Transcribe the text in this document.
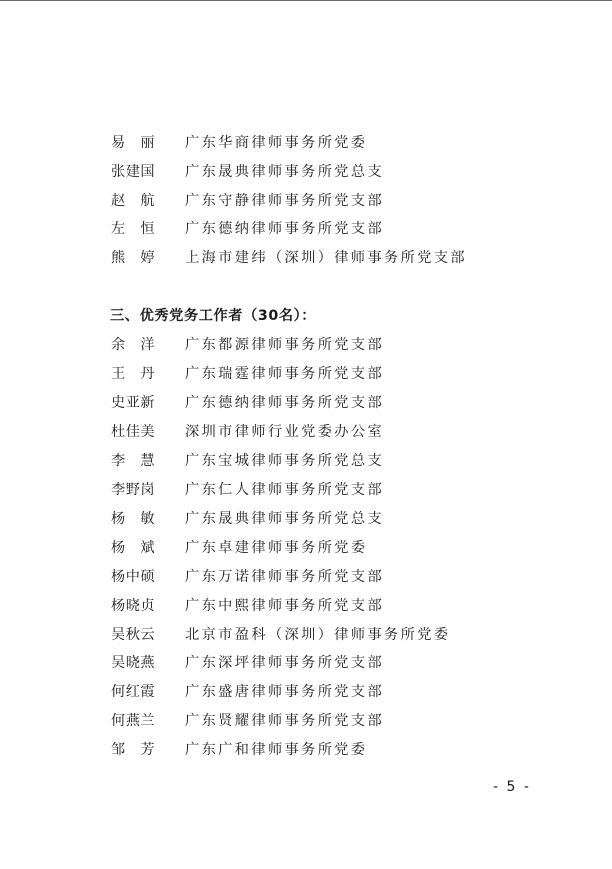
易　丽 广东华商律师事务所党委
张建国 广东晟典律师事务所党总支
赵　航 广东守静律师事务所党支部
左　恒 广东德纳律师事务所党支部
熊　婷 上海市建纬（深圳）律师事务所党支部
三、优秀党务工作者（30名）：
余　洋 广东都源律师事务所党支部
王　丹 广东瑞霆律师事务所党支部
史亚新 广东德纳律师事务所党支部
杜佳美 深圳市律师行业党委办公室
李　慧 广东宝城律师事务所党总支
李野岗 广东仁人律师事务所党支部
杨　敏 广东晟典律师事务所党总支
杨　斌 广东卓建律师事务所党委
杨中硕 广东万诺律师事务所党支部
杨晓贞 广东中熙律师事务所党支部
吴秋云 北京市盈科（深圳）律师事务所党委
吴晓燕 广东深坪律师事务所党支部
何红霞 广东盛唐律师事务所党支部
何燕兰 广东贤耀律师事务所党支部
邹　芳 广东广和律师事务所党委
- 5 -
